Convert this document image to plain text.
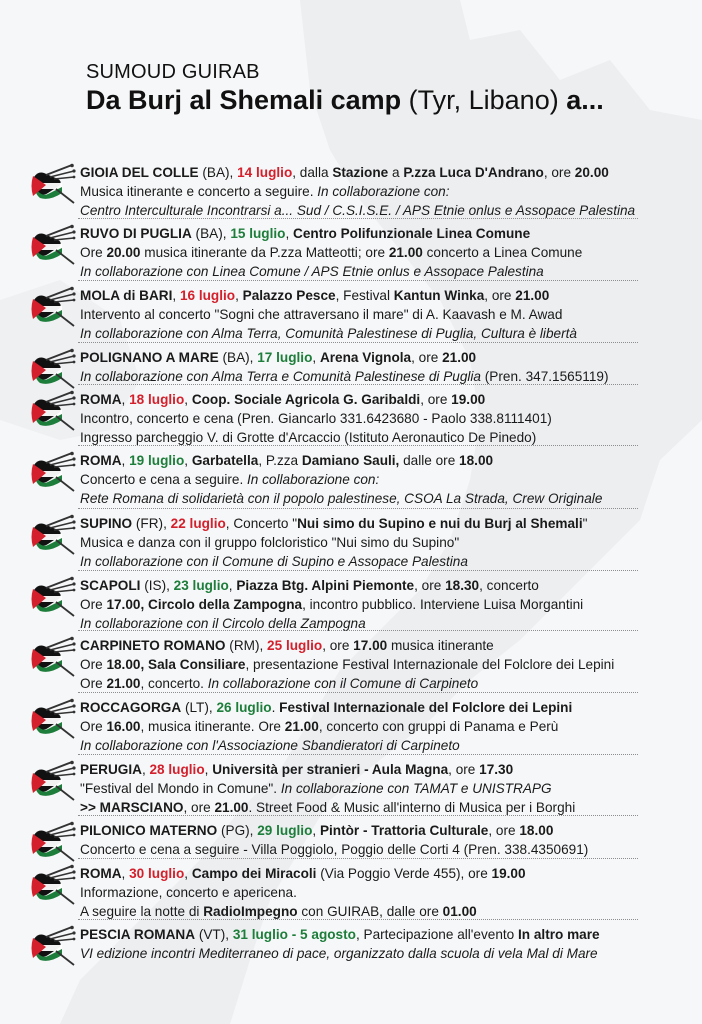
SUMOUD GUIRAB
Da Burj al Shemali camp (Tyr, Libano) a...
GIOIA DEL COLLE (BA), 14 luglio, dalla Stazione a P.zza Luca D'Andrano, ore 20.00
Musica itinerante e concerto a seguire. In collaborazione con:
Centro Interculturale Incontrarsi a... Sud / C.S.I.S.E. / APS Etnie onlus e Assopace Palestina
RUVO DI PUGLIA (BA), 15 luglio, Centro Polifunzionale Linea Comune
Ore 20.00 musica itinerante da P.zza Matteotti; ore 21.00 concerto a Linea Comune
In collaborazione con Linea Comune / APS Etnie onlus e Assopace Palestina
MOLA di BARI, 16 luglio, Palazzo Pesce, Festival Kantun Winka, ore 21.00
Intervento al concerto "Sogni che attraversano il mare" di A. Kaavash e M. Awad
In collaborazione con Alma Terra, Comunità Palestinese di Puglia, Cultura è libertà
POLIGNANO A MARE (BA), 17 luglio, Arena Vignola, ore 21.00
In collaborazione con Alma Terra e Comunità Palestinese di Puglia (Pren. 347.1565119)
ROMA, 18 luglio, Coop. Sociale Agricola G. Garibaldi, ore 19.00
Incontro, concerto e cena (Pren. Giancarlo 331.6423680 - Paolo 338.8111401)
Ingresso parcheggio V. di Grotte d'Arcaccio (Istituto Aeronautico De Pinedo)
ROMA, 19 luglio, Garbatella, P.zza Damiano Sauli, dalle ore 18.00
Concerto e cena a seguire. In collaborazione con:
Rete Romana di solidarietà con il popolo palestinese, CSOA La Strada, Crew Originale
SUPINO (FR), 22 luglio, Concerto "Nui simo du Supino e nui du Burj al Shemali"
Musica e danza con il gruppo folcloristico "Nui simo du Supino"
In collaborazione con il Comune di Supino e Assopace Palestina
SCAPOLI (IS), 23 luglio, Piazza Btg. Alpini Piemonte, ore 18.30, concerto
Ore 17.00, Circolo della Zampogna, incontro pubblico. Interviene Luisa Morgantini
In collaborazione con il Circolo della Zampogna
CARPINETO ROMANO (RM), 25 luglio, ore 17.00 musica itinerante
Ore 18.00, Sala Consiliare, presentazione Festival Internazionale del Folclore dei Lepini
Ore 21.00, concerto. In collaborazione con il Comune di Carpineto
ROCCAGORGA (LT), 26 luglio. Festival Internazionale del Folclore dei Lepini
Ore 16.00, musica itinerante. Ore 21.00, concerto con gruppi di Panama e Perù
In collaborazione con l'Associazione Sbandieratori di Carpineto
PERUGIA, 28 luglio, Università per stranieri - Aula Magna, ore 17.30
"Festival del Mondo in Comune". In collaborazione con TAMAT e UNISTRAPG
>> MARSCIANO, ore 21.00. Street Food & Music all'interno di Musica per i Borghi
PILONICO MATERNO (PG), 29 luglio, Pintòr - Trattoria Culturale, ore 18.00
Concerto e cena a seguire - Villa Poggiolo, Poggio delle Corti 4 (Pren. 338.4350691)
ROMA, 30 luglio, Campo dei Miracoli (Via Poggio Verde 455), ore 19.00
Informazione, concerto e apericena.
A seguire la notte di RadioImpegno con GUIRAB, dalle ore 01.00
PESCIA ROMANA (VT), 31 luglio - 5 agosto, Partecipazione all'evento In altro mare
VI edizione incontri Mediterraneo di pace, organizzato dalla scuola di vela Mal di Mare
